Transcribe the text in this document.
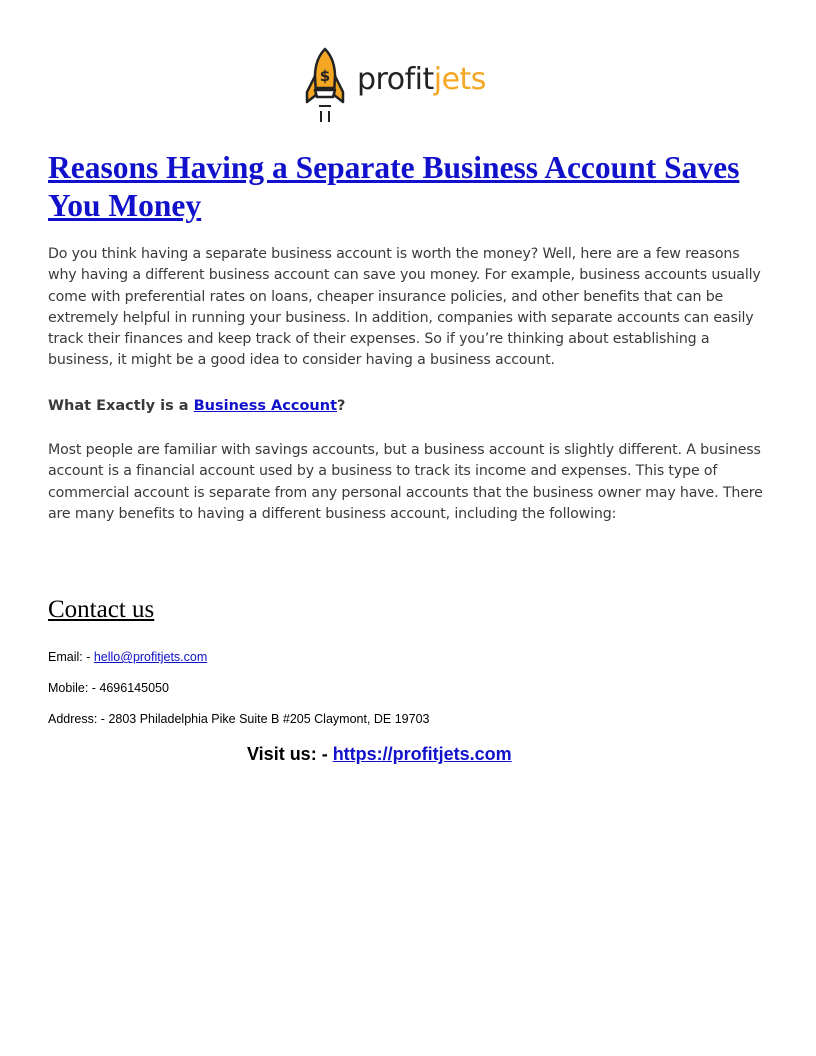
$ profitjets
Reasons Having a Separate Business Account Saves You Money

Do you think having a separate business account is worth the money? Well, here are a few reasons why having a different business account can save you money. For example, business accounts usually come with preferential rates on loans, cheaper insurance policies, and other benefits that can be extremely helpful in running your business. In addition, companies with separate accounts can easily track their finances and keep track of their expenses. So if you’re thinking about establishing a business, it might be a good idea to consider having a business account.

What Exactly is a Business Account?

Most people are familiar with savings accounts, but a business account is slightly different. A business account is a financial account used by a business to track its income and expenses. This type of commercial account is separate from any personal accounts that the business owner may have. There are many benefits to having a different business account, including the following:

Contact us

Email: - hello@profitjets.com

Mobile: - 4696145050

Address: - 2803 Philadelphia Pike Suite B #205 Claymont, DE 19703

Visit us: - https://profitjets.com
